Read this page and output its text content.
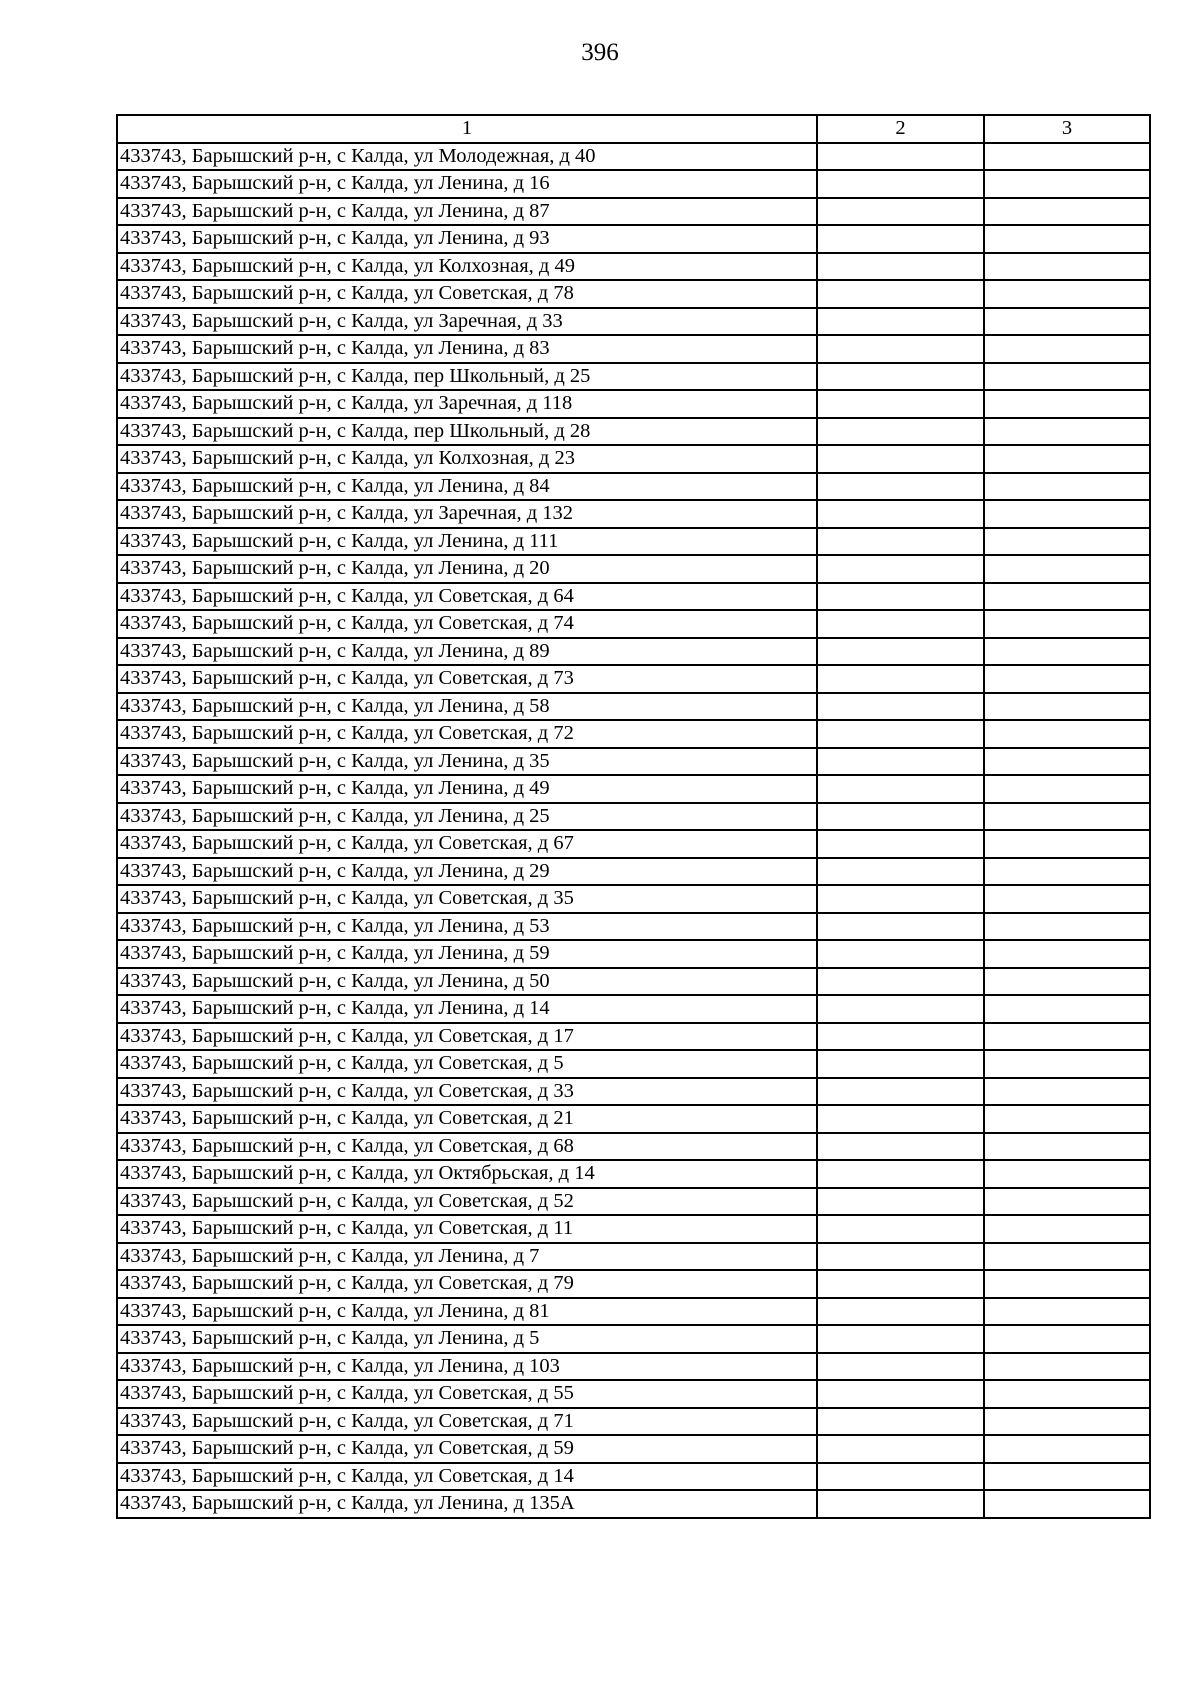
396
1	2	3
433743, Барышский р-н, с Калда, ул Молодежная, д 40		
433743, Барышский р-н, с Калда, ул Ленина, д 16		
433743, Барышский р-н, с Калда, ул Ленина, д 87		
433743, Барышский р-н, с Калда, ул Ленина, д 93		
433743, Барышский р-н, с Калда, ул Колхозная, д 49		
433743, Барышский р-н, с Калда, ул Советская, д 78		
433743, Барышский р-н, с Калда, ул Заречная, д 33		
433743, Барышский р-н, с Калда, ул Ленина, д 83		
433743, Барышский р-н, с Калда, пер Школьный, д 25		
433743, Барышский р-н, с Калда, ул Заречная, д 118		
433743, Барышский р-н, с Калда, пер Школьный, д 28		
433743, Барышский р-н, с Калда, ул Колхозная, д 23		
433743, Барышский р-н, с Калда, ул Ленина, д 84		
433743, Барышский р-н, с Калда, ул Заречная, д 132		
433743, Барышский р-н, с Калда, ул Ленина, д 111		
433743, Барышский р-н, с Калда, ул Ленина, д 20		
433743, Барышский р-н, с Калда, ул Советская, д 64		
433743, Барышский р-н, с Калда, ул Советская, д 74		
433743, Барышский р-н, с Калда, ул Ленина, д 89		
433743, Барышский р-н, с Калда, ул Советская, д 73		
433743, Барышский р-н, с Калда, ул Ленина, д 58		
433743, Барышский р-н, с Калда, ул Советская, д 72		
433743, Барышский р-н, с Калда, ул Ленина, д 35		
433743, Барышский р-н, с Калда, ул Ленина, д 49		
433743, Барышский р-н, с Калда, ул Ленина, д 25		
433743, Барышский р-н, с Калда, ул Советская, д 67		
433743, Барышский р-н, с Калда, ул Ленина, д 29		
433743, Барышский р-н, с Калда, ул Советская, д 35		
433743, Барышский р-н, с Калда, ул Ленина, д 53		
433743, Барышский р-н, с Калда, ул Ленина, д 59		
433743, Барышский р-н, с Калда, ул Ленина, д 50		
433743, Барышский р-н, с Калда, ул Ленина, д 14		
433743, Барышский р-н, с Калда, ул Советская, д 17		
433743, Барышский р-н, с Калда, ул Советская, д 5		
433743, Барышский р-н, с Калда, ул Советская, д 33		
433743, Барышский р-н, с Калда, ул Советская, д 21		
433743, Барышский р-н, с Калда, ул Советская, д 68		
433743, Барышский р-н, с Калда, ул Октябрьская, д 14		
433743, Барышский р-н, с Калда, ул Советская, д 52		
433743, Барышский р-н, с Калда, ул Советская, д 11		
433743, Барышский р-н, с Калда, ул Ленина, д 7		
433743, Барышский р-н, с Калда, ул Советская, д 79		
433743, Барышский р-н, с Калда, ул Ленина, д 81		
433743, Барышский р-н, с Калда, ул Ленина, д 5		
433743, Барышский р-н, с Калда, ул Ленина, д 103		
433743, Барышский р-н, с Калда, ул Советская, д 55		
433743, Барышский р-н, с Калда, ул Советская, д 71		
433743, Барышский р-н, с Калда, ул Советская, д 59		
433743, Барышский р-н, с Калда, ул Советская, д 14		
433743, Барышский р-н, с Калда, ул Ленина, д 135А		
